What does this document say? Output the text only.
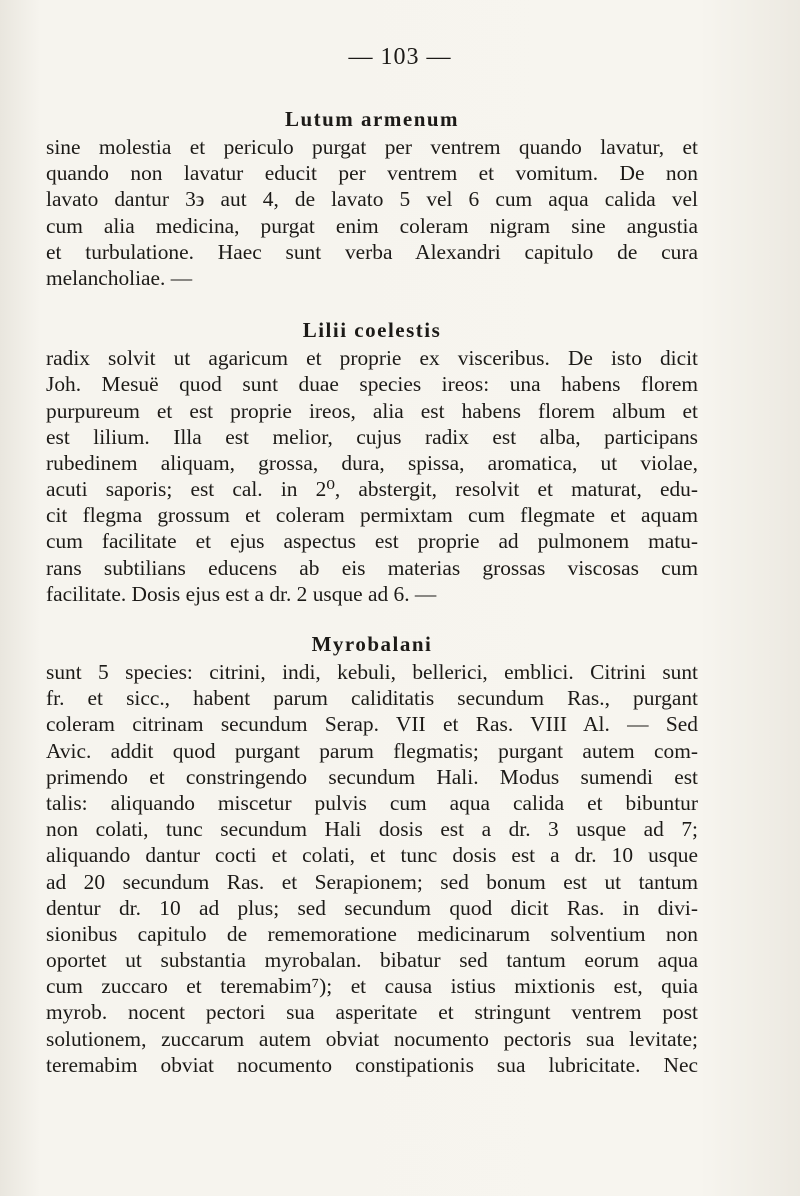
— 103 —
Lutum armenum
sine molestia et periculo purgat per ventrem quando lavatur, et
quando non lavatur educit per ventrem et vomitum. De non
lavato dantur 3϶ aut 4, de lavato 5 vel 6 cum aqua calida vel
cum alia medicina, purgat enim coleram nigram sine angustia
et turbulatione. Haec sunt verba Alexandri capitulo de cura
melancholiae. —
Lilii coelestis
radix solvit ut agaricum et proprie ex visceribus. De isto dicit
Joh. Mesuë quod sunt duae species ireos: una habens florem
purpureum et est proprie ireos, alia est habens florem album et
est lilium. Illa est melior, cujus radix est alba, participans
rubedinem aliquam, grossa, dura, spissa, aromatica, ut violae,
acuti saporis; est cal. in 2⁰, abstergit, resolvit et maturat, edu-
cit flegma grossum et coleram permixtam cum flegmate et aquam
cum facilitate et ejus aspectus est proprie ad pulmonem matu-
rans subtilians educens ab eis materias grossas viscosas cum
facilitate. Dosis ejus est a dr. 2 usque ad 6. —
Myrobalani
sunt 5 species: citrini, indi, kebuli, bellerici, emblici. Citrini sunt
fr. et sicc., habent parum caliditatis secundum Ras., purgant
coleram citrinam secundum Serap. VII et Ras. VIII Al. — Sed
Avic. addit quod purgant parum flegmatis; purgant autem com-
primendo et constringendo secundum Hali. Modus sumendi est
talis: aliquando miscetur pulvis cum aqua calida et bibuntur
non colati, tunc secundum Hali dosis est a dr. 3 usque ad 7;
aliquando dantur cocti et colati, et tunc dosis est a dr. 10 usque
ad 20 secundum Ras. et Serapionem; sed bonum est ut tantum
dentur dr. 10 ad plus; sed secundum quod dicit Ras. in divi-
sionibus capitulo de rememoratione medicinarum solventium non
oportet ut substantia myrobalan. bibatur sed tantum eorum aqua
cum zuccaro et teremabim⁷); et causa istius mixtionis est, quia
myrob. nocent pectori sua asperitate et stringunt ventrem post
solutionem, zuccarum autem obviat nocumento pectoris sua levitate;
teremabim obviat nocumento constipationis sua lubricitate. Nec
